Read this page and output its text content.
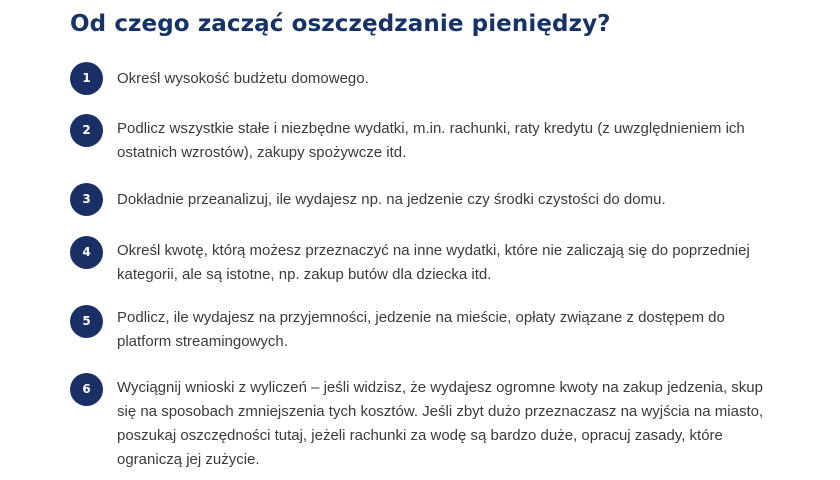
Od czego zacząć oszczędzanie pieniędzy?
1	Określ wysokość budżetu domowego.
2	Podlicz wszystkie stałe i niezbędne wydatki, m.in. rachunki, raty kredytu (z uwzględnieniem ich ostatnich wzrostów), zakupy spożywcze itd.
3	Dokładnie przeanalizuj, ile wydajesz np. na jedzenie czy środki czystości do domu.
4	Określ kwotę, którą możesz przeznaczyć na inne wydatki, które nie zaliczają się do poprzedniej kategorii, ale są istotne, np. zakup butów dla dziecka itd.
5	Podlicz, ile wydajesz na przyjemności, jedzenie na mieście, opłaty związane z dostępem do platform streamingowych.
6	Wyciągnij wnioski z wyliczeń – jeśli widzisz, że wydajesz ogromne kwoty na zakup jedzenia, skup się na sposobach zmniejszenia tych kosztów. Jeśli zbyt dużo przeznaczasz na wyjścia na miasto, poszukaj oszczędności tutaj, jeżeli rachunki za wodę są bardzo duże, opracuj zasady, które ograniczą jej zużycie.
